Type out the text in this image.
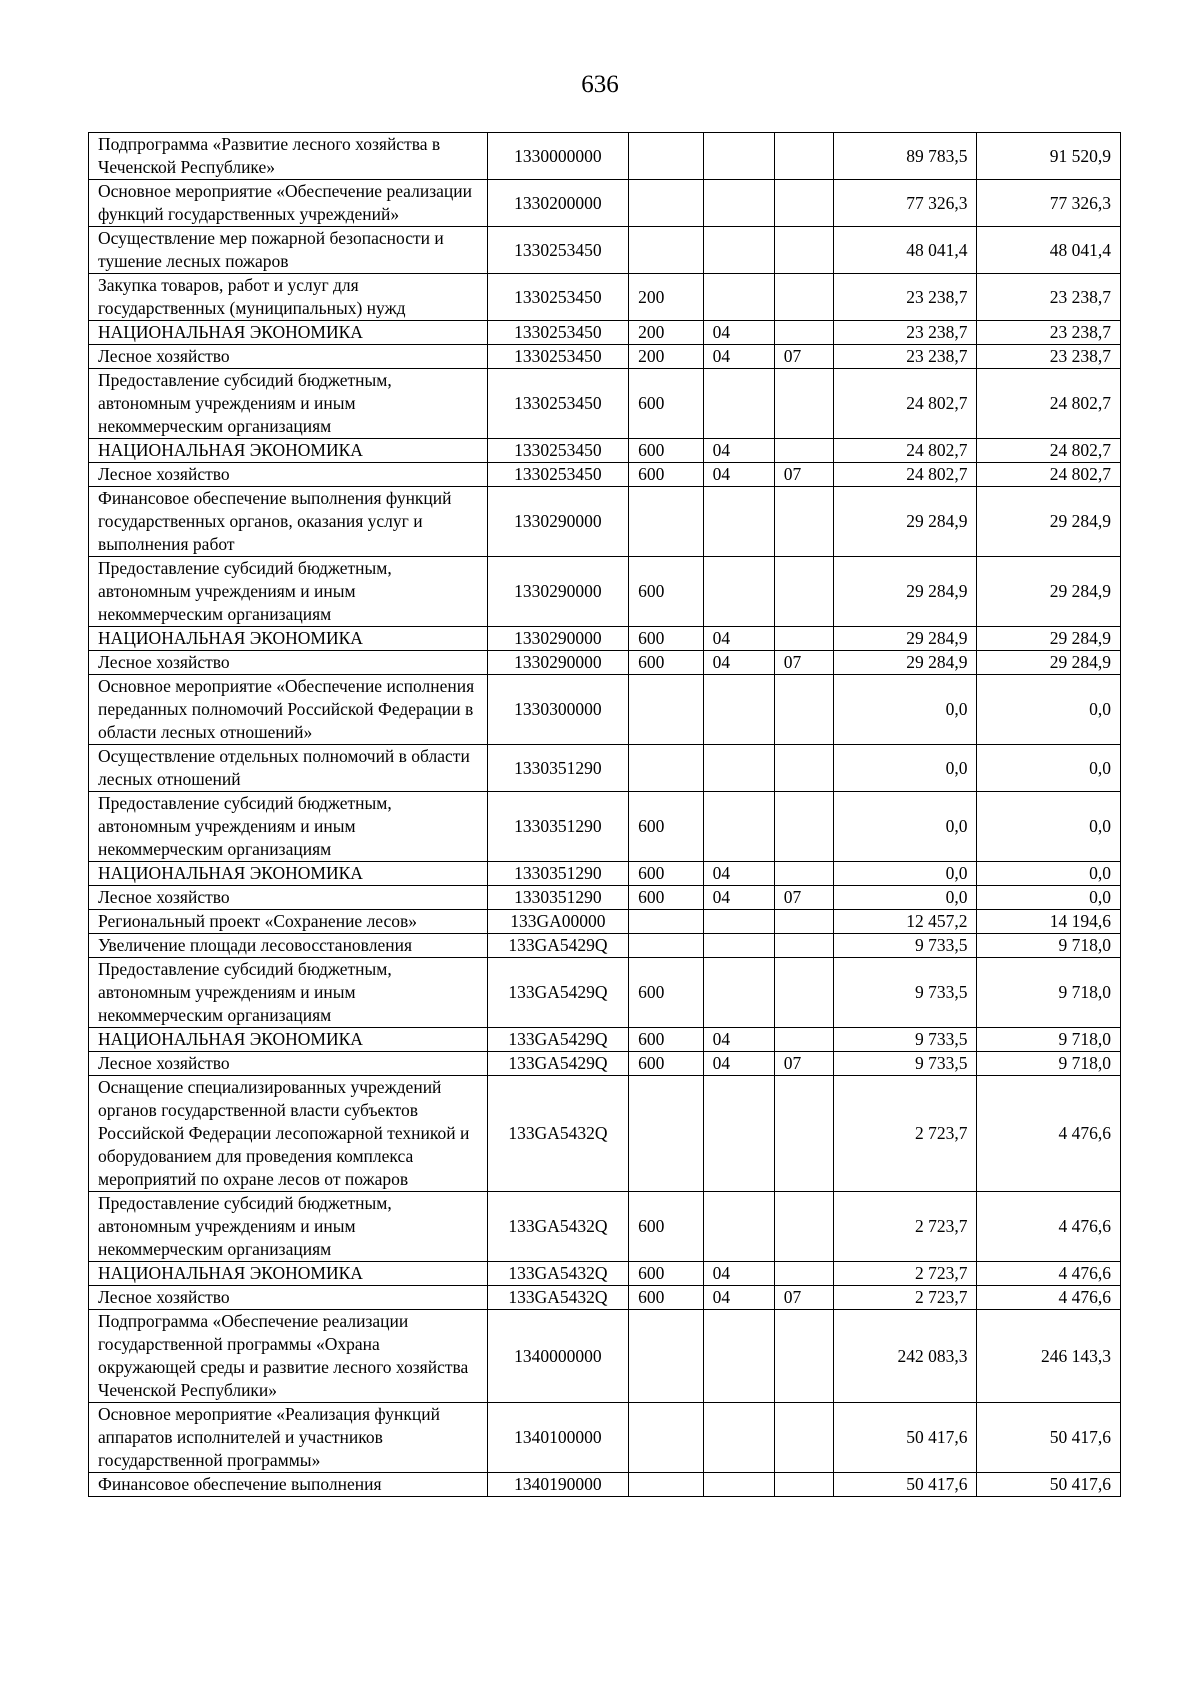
636
Подпрограмма «Развитие лесного хозяйства в Чеченской Республике»	1330000000				89 783,5	91 520,9
Основное мероприятие «Обеспечение реализации функций государственных учреждений»	1330200000				77 326,3	77 326,3
Осуществление мер пожарной безопасности и тушение лесных пожаров	1330253450				48 041,4	48 041,4
Закупка товаров, работ и услуг для государственных (муниципальных) нужд	1330253450	200			23 238,7	23 238,7
НАЦИОНАЛЬНАЯ ЭКОНОМИКА	1330253450	200	04		23 238,7	23 238,7
Лесное хозяйство	1330253450	200	04	07	23 238,7	23 238,7
Предоставление субсидий бюджетным, автономным учреждениям и иным некоммерческим организациям	1330253450	600			24 802,7	24 802,7
НАЦИОНАЛЬНАЯ ЭКОНОМИКА	1330253450	600	04		24 802,7	24 802,7
Лесное хозяйство	1330253450	600	04	07	24 802,7	24 802,7
Финансовое обеспечение выполнения функций государственных органов, оказания услуг и выполнения работ	1330290000				29 284,9	29 284,9
Предоставление субсидий бюджетным, автономным учреждениям и иным некоммерческим организациям	1330290000	600			29 284,9	29 284,9
НАЦИОНАЛЬНАЯ ЭКОНОМИКА	1330290000	600	04		29 284,9	29 284,9
Лесное хозяйство	1330290000	600	04	07	29 284,9	29 284,9
Основное мероприятие «Обеспечение исполнения переданных полномочий Российской Федерации в области лесных отношений»	1330300000				0,0	0,0
Осуществление отдельных полномочий в области лесных отношений	1330351290				0,0	0,0
Предоставление субсидий бюджетным, автономным учреждениям и иным некоммерческим организациям	1330351290	600			0,0	0,0
НАЦИОНАЛЬНАЯ ЭКОНОМИКА	1330351290	600	04		0,0	0,0
Лесное хозяйство	1330351290	600	04	07	0,0	0,0
Региональный проект «Сохранение лесов»	133GA00000				12 457,2	14 194,6
Увеличение площади лесовосстановления	133GA5429Q				9 733,5	9 718,0
Предоставление субсидий бюджетным, автономным учреждениям и иным некоммерческим организациям	133GA5429Q	600			9 733,5	9 718,0
НАЦИОНАЛЬНАЯ ЭКОНОМИКА	133GA5429Q	600	04		9 733,5	9 718,0
Лесное хозяйство	133GA5429Q	600	04	07	9 733,5	9 718,0
Оснащение специализированных учреждений органов государственной власти субъектов Российской Федерации лесопожарной техникой и оборудованием для проведения комплекса мероприятий по охране лесов от пожаров	133GA5432Q				2 723,7	4 476,6
Предоставление субсидий бюджетным, автономным учреждениям и иным некоммерческим организациям	133GA5432Q	600			2 723,7	4 476,6
НАЦИОНАЛЬНАЯ ЭКОНОМИКА	133GA5432Q	600	04		2 723,7	4 476,6
Лесное хозяйство	133GA5432Q	600	04	07	2 723,7	4 476,6
Подпрограмма «Обеспечение реализации государственной программы «Охрана окружающей среды и развитие лесного хозяйства Чеченской Республики»	1340000000				242 083,3	246 143,3
Основное мероприятие «Реализация функций аппаратов исполнителей и участников государственной программы»	1340100000				50 417,6	50 417,6
Финансовое обеспечение выполнения	1340190000				50 417,6	50 417,6
